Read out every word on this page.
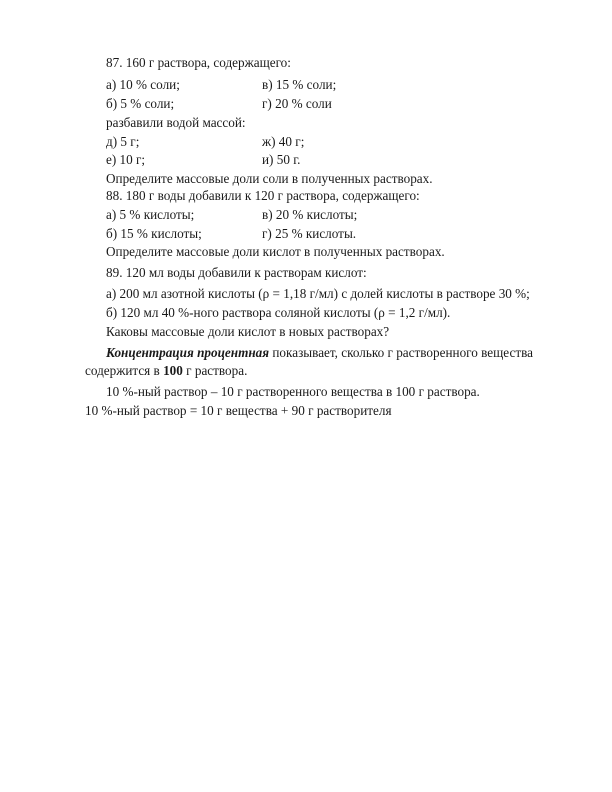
87. 160 г раствора, содержащего:
а) 10 % соли;	в) 15 % соли;
б) 5 % соли;	г) 20 % соли
разбавили водой массой:
д) 5 г;	ж) 40 г;
е) 10 г;	и) 50 г.
Определите массовые доли соли в полученных растворах.
88. 180 г воды добавили к 120 г раствора, содержащего:
а) 5 % кислоты;	в) 20 % кислоты;
б) 15 % кислоты;	г) 25 % кислоты.
Определите массовые доли кислот в полученных растворах.
89. 120 мл воды добавили к растворам кислот:
а) 200 мл азотной кислоты (ρ = 1,18 г/мл) с долей кислоты в растворе 30 %;
б) 120 мл 40 %-ного раствора соляной кислоты (ρ = 1,2 г/мл).
Каковы массовые доли кислот в новых растворах?
Концентрация процентная показывает, сколько г растворенного вещества
содержится в 100 г раствора.
10 %-ный раствор – 10 г растворенного вещества в 100 г раствора.
10 %-ный раствор = 10 г вещества + 90 г растворителя
